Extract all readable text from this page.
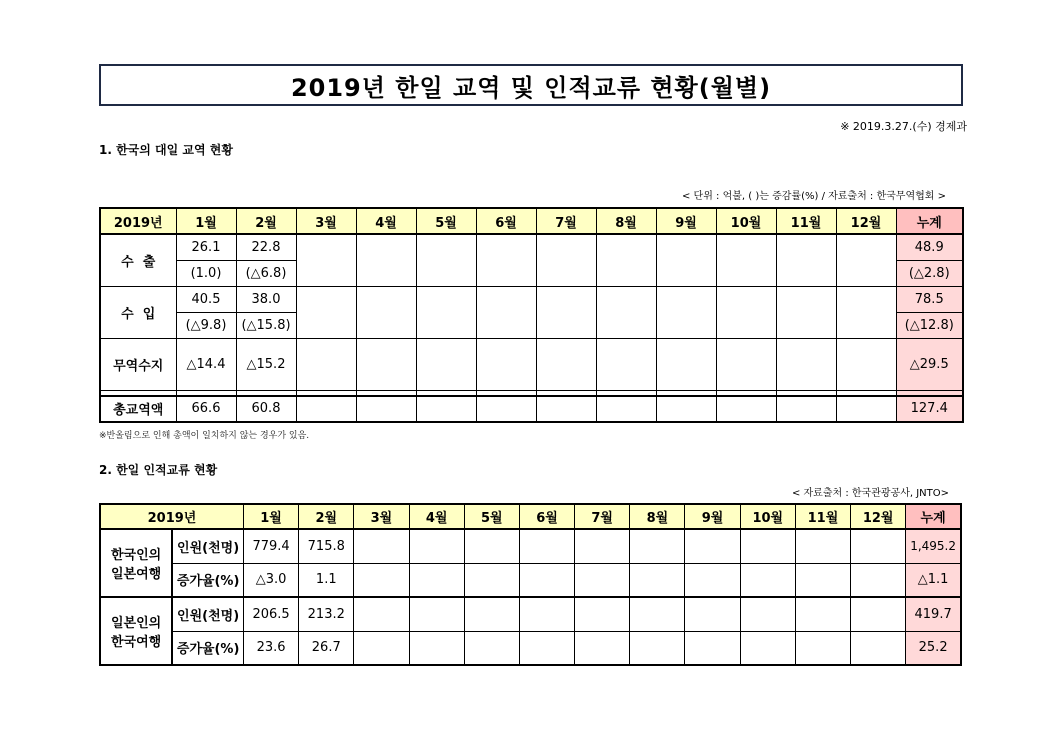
2019년 한일 교역 및 인적교류 현황(월별)
※ 2019.3.27.(수) 경제과
1. 한국의 대일 교역 현황
< 단위 : 억불, ( )는 증감률(%) / 자료출처 : 한국무역협회 >
2019년	1월	2월	3월	4월	5월	6월	7월	8월	9월	10월	11월	12월	누계
수  출	26.1	22.8											48.9
	(1.0)	(△6.8)											(△2.8)
수  입	40.5	38.0											78.5
	(△9.8)	(△15.8)											(△12.8)
무역수지	△14.4	△15.2											△29.5

총교역액	66.6	60.8											127.4
※반올림으로 인해 총액이 일치하지 않는 경우가 있음.
2. 한일 인적교류 현황
< 자료출처 : 한국관광공사, JNTO>
2019년		1월	2월	3월	4월	5월	6월	7월	8월	9월	10월	11월	12월	누계

한국인의
일본여행	인원(천명)	779.4	715.8											1,495.2
	증가율(%)	△3.0	1.1											△1.1

일본인의
한국여행	인원(천명)	206.5	213.2											419.7
	증가율(%)	23.6	26.7											25.2
